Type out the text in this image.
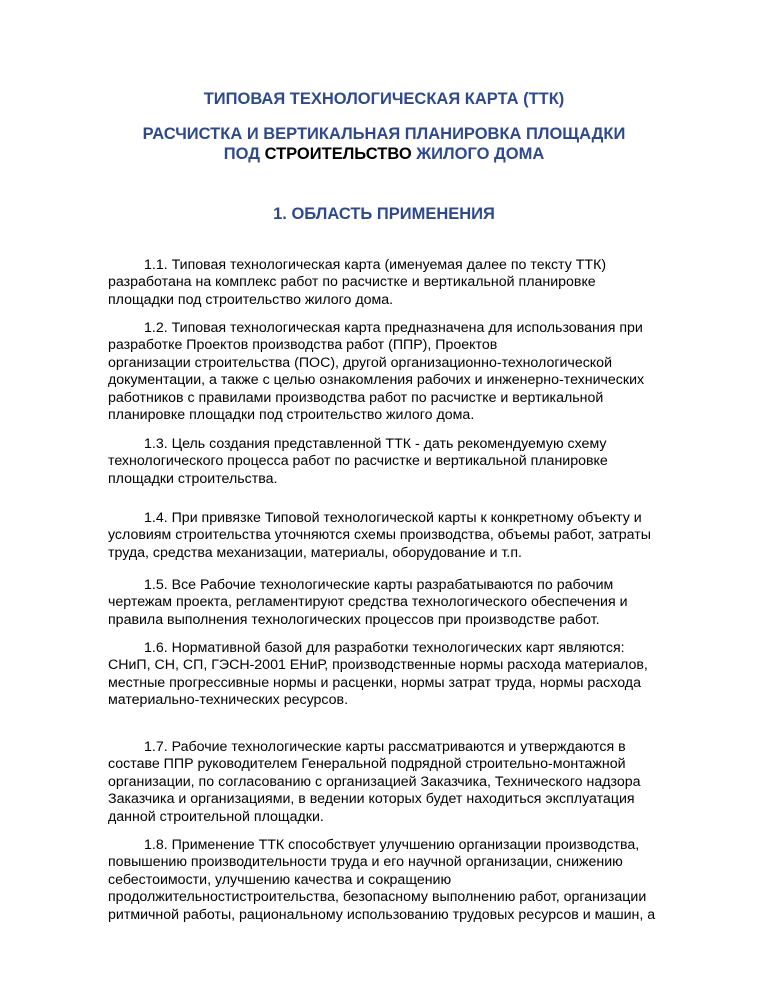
ТИПОВАЯ ТЕХНОЛОГИЧЕСКАЯ КАРТА (ТТК)
РАСЧИСТКА И ВЕРТИКАЛЬНАЯ ПЛАНИРОВКА ПЛОЩАДКИ
ПОД СТРОИТЕЛЬСТВО ЖИЛОГО ДОМА
1. ОБЛАСТЬ ПРИМЕНЕНИЯ

1.1. Типовая технологическая карта (именуемая далее по тексту ТТК)
разработана на комплекс работ по расчистке и вертикальной планировке
площадки под строительство жилого дома.

1.2. Типовая технологическая карта предназначена для использования при
разработке Проектов производства работ (ППР), Проектов
организации строительства (ПОС), другой организационно-технологической
документации, а также с целью ознакомления рабочих и инженерно-технических
работников с правилами производства работ по расчистке и вертикальной
планировке площадки под строительство жилого дома.

1.3. Цель создания представленной ТТК - дать рекомендуемую схему
технологического процесса работ по расчистке и вертикальной планировке
площадки строительства.

1.4. При привязке Типовой технологической карты к конкретному объекту и
условиям строительства уточняются схемы производства, объемы работ, затраты
труда, средства механизации, материалы, оборудование и т.п.

1.5. Все Рабочие технологические карты разрабатываются по рабочим
чертежам проекта, регламентируют средства технологического обеспечения и
правила выполнения технологических процессов при производстве работ.

1.6. Нормативной базой для разработки технологических карт являются:
СНиП, СН, СП, ГЭСН-2001 ЕНиР, производственные нормы расхода материалов,
местные прогрессивные нормы и расценки, нормы затрат труда, нормы расхода
материально-технических ресурсов.

1.7. Рабочие технологические карты рассматриваются и утверждаются в
составе ППР руководителем Генеральной подрядной строительно-монтажной
организации, по согласованию с организацией Заказчика, Технического надзора
Заказчика и организациями, в ведении которых будет находиться эксплуатация
данной строительной площадки.

1.8. Применение ТТК способствует улучшению организации производства,
повышению производительности труда и его научной организации, снижению
себестоимости, улучшению качества и сокращению
продолжительностистроительства, безопасному выполнению работ, организации
ритмичной работы, рациональному использованию трудовых ресурсов и машин, а
